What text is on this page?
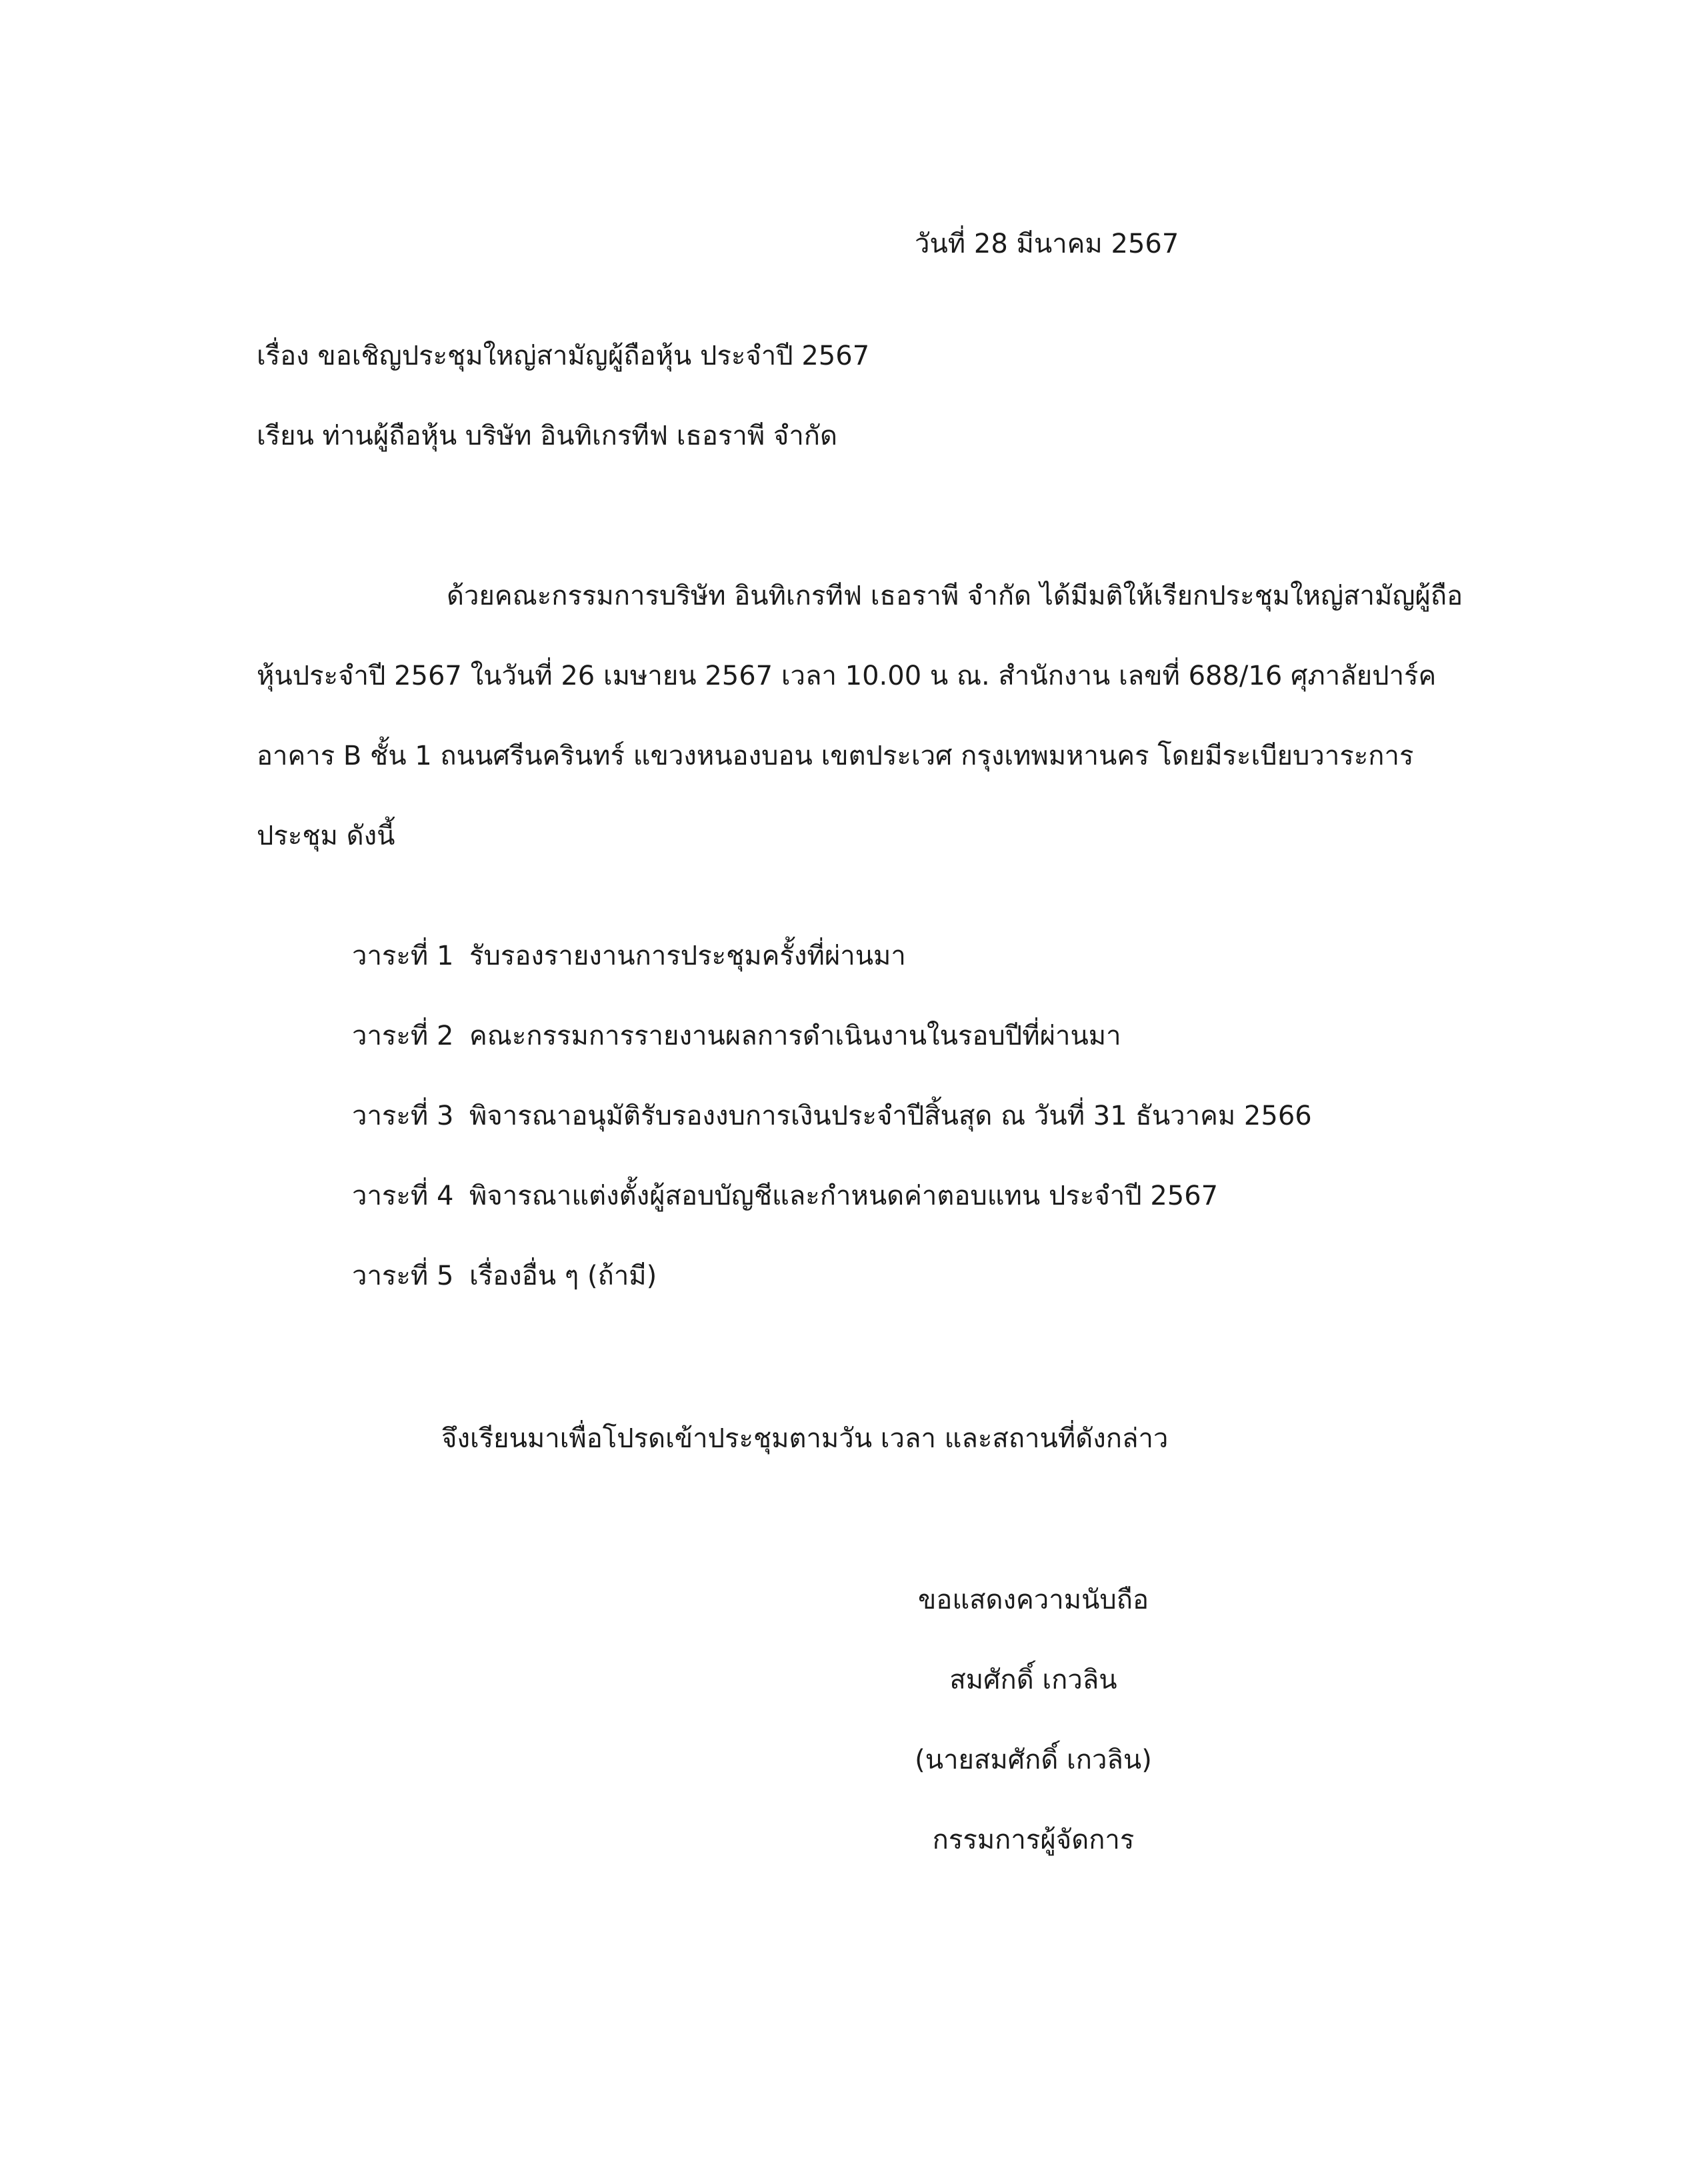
วันที่ 28 มีนาคม 2567
เรื่อง ขอเชิญประชุมใหญ่สามัญผู้ถือหุ้น ประจำปี 2567
เรียน ท่านผู้ถือหุ้น บริษัท อินทิเกรทีฟ เธอราพี จำกัด
ด้วยคณะกรรมการบริษัท อินทิเกรทีฟ เธอราพี จำกัด ได้มีมติให้เรียกประชุมใหญ่สามัญผู้ถือ
หุ้นประจำปี 2567 ในวันที่ 26 เมษายน 2567 เวลา 10.00 น ณ. สำนักงาน เลขที่ 688/16 ศุภาลัยปาร์ค
อาคาร B ชั้น 1 ถนนศรีนครินทร์ แขวงหนองบอน เขตประเวศ กรุงเทพมหานคร โดยมีระเบียบวาระการ
ประชุม ดังนี้
วาระที่ 1 รับรองรายงานการประชุมครั้งที่ผ่านมา
วาระที่ 2 คณะกรรมการรายงานผลการดำเนินงานในรอบปีที่ผ่านมา
วาระที่ 3 พิจารณาอนุมัติรับรองงบการเงินประจำปีสิ้นสุด ณ วันที่ 31 ธันวาคม 2566
วาระที่ 4 พิจารณาแต่งตั้งผู้สอบบัญชีและกำหนดค่าตอบแทน ประจำปี 2567
วาระที่ 5 เรื่องอื่น ๆ (ถ้ามี)
จึงเรียนมาเพื่อโปรดเข้าประชุมตามวัน เวลา และสถานที่ดังกล่าว
ขอแสดงความนับถือ
สมศักดิ์ เกวลิน
(นายสมศักดิ์ เกวลิน)
กรรมการผู้จัดการ
